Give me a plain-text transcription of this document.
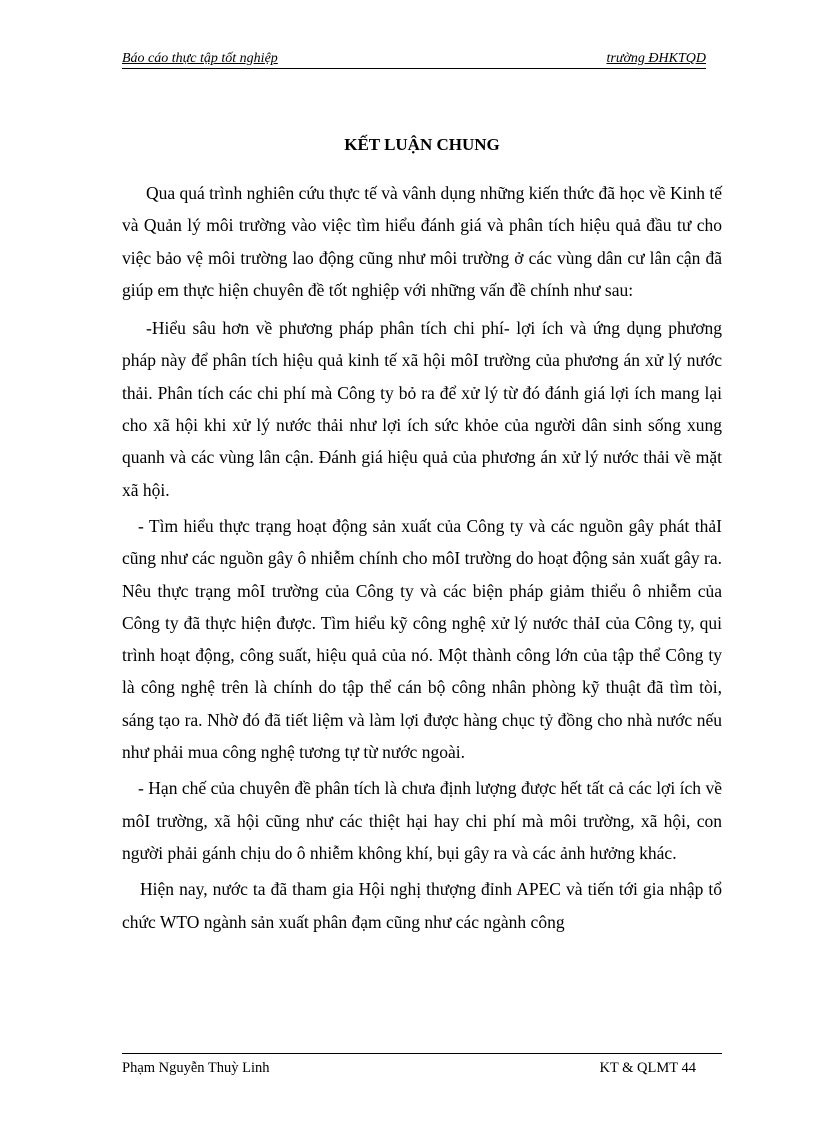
Báo cáo thực tập tốt nghiệp	trường ĐHKTQD
KẾT LUẬN CHUNG

Qua quá trình nghiên cứu thực tế và vânh dụng những kiến thức đã học về Kinh tế và Quản lý môi trường vào việc tìm hiểu đánh giá và phân tích hiệu quả đầu tư cho việc bảo vệ môi trường lao động cũng như môi trường ở các vùng dân cư lân cận đã giúp em thực hiện chuyên đề tốt nghiệp với những vấn đề chính như sau:

-Hiểu sâu hơn về phương pháp phân tích chi phí- lợi ích và ứng dụng phương pháp này để phân tích hiệu quả kinh tế xã hội môI trường của phương án xử lý nước thải. Phân tích các chi phí mà Công ty bỏ ra để xử lý từ đó đánh giá lợi ích mang lại cho xã hội khi xử lý nước thải như lợi ích sức khỏe của người dân sinh sống xung quanh và các vùng lân cận. Đánh giá hiệu quả của phương án xử lý nước thải về mặt xã hội.

- Tìm hiểu thực trạng hoạt động sản xuất của Công ty và các nguồn gây phát thảI cũng như các nguồn gây ô nhiễm chính cho môI trường do hoạt động sản xuất gây ra. Nêu thực trạng môI trường của Công ty và các biện pháp giảm thiểu ô nhiễm của Công ty đã thực hiện được. Tìm hiểu kỹ công nghệ xử lý nước thảI của Công ty, qui trình hoạt động, công suất, hiệu quả của nó. Một thành công lớn của tập thể Công ty là công nghệ trên là chính do tập thể cán bộ công nhân phòng kỹ thuật đã tìm tòi, sáng tạo ra. Nhờ đó đã tiết liệm và làm lợi được hàng chục tỷ đồng cho nhà nước nếu như phải mua công nghệ tương tự từ nước ngoài.

- Hạn chế của chuyên đề phân tích là chưa định lượng được hết tất cả các lợi ích về môI trường, xã hội cũng như các thiệt hại hay chi phí mà môi trường, xã hội, con người phải gánh chịu do ô nhiễm không khí, bụi gây ra và các ảnh hưởng khác.

Hiện nay, nước ta đã tham gia Hội nghị thượng đỉnh APEC và tiến tới gia nhập tổ chức WTO ngành sản xuất phân đạm cũng như các ngành công

Phạm Nguyễn Thuỳ Linh	KT & QLMT 44
